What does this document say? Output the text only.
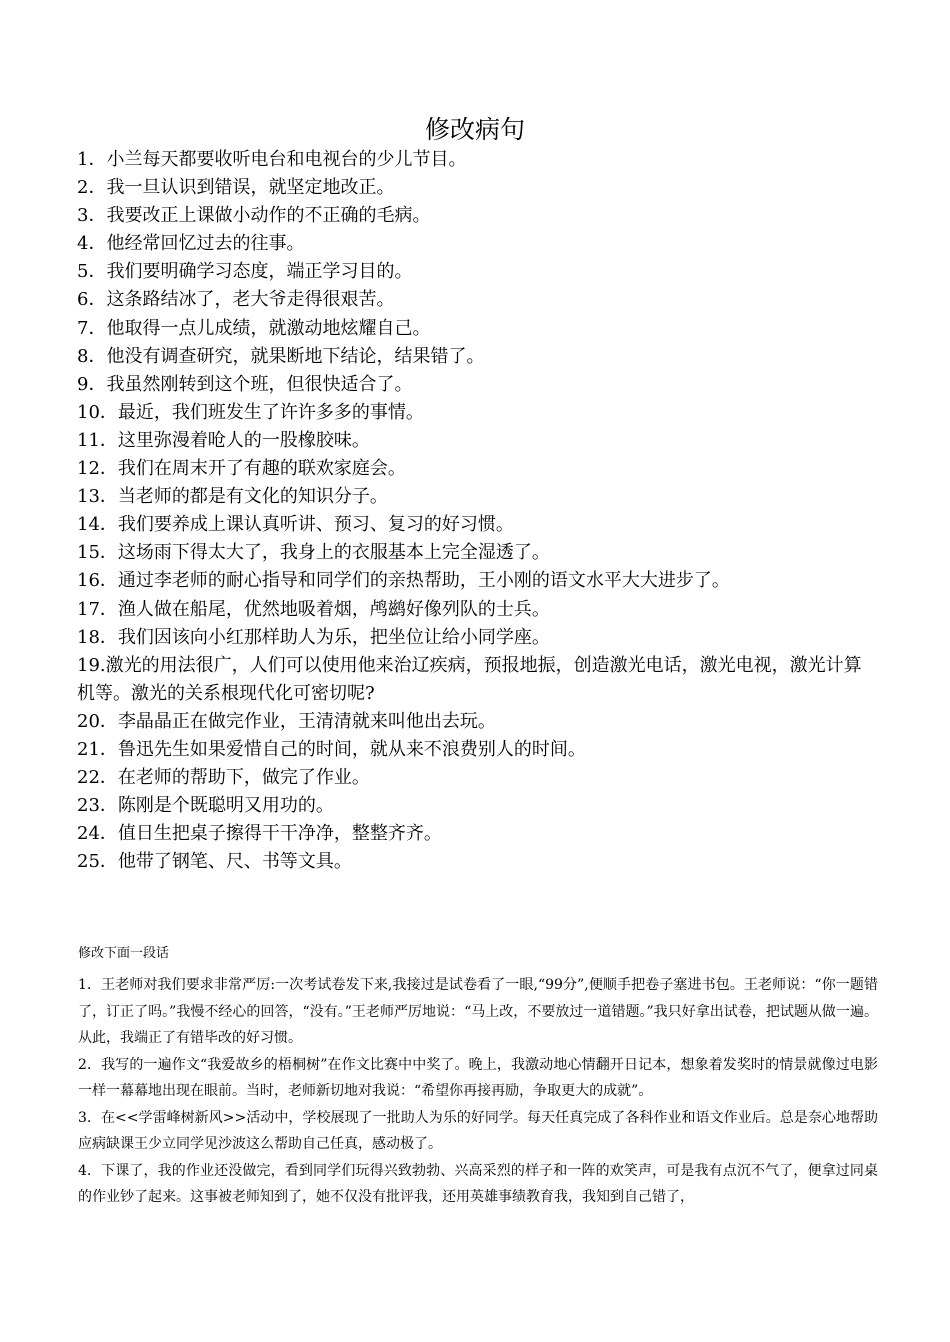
修改病句
1．小兰每天都要收听电台和电视台的少儿节目。
2．我一旦认识到错误，就坚定地改正。
3．我要改正上课做小动作的不正确的毛病。
4．他经常回忆过去的往事。
5．我们要明确学习态度，端正学习目的。
6．这条路结冰了，老大爷走得很艰苦。
7．他取得一点儿成绩，就激动地炫耀自己。
8．他没有调查研究，就果断地下结论，结果错了。
9．我虽然刚转到这个班，但很快适合了。
10．最近，我们班发生了许许多多的事情。
11．这里弥漫着呛人的一股橡胶味。
12．我们在周末开了有趣的联欢家庭会。
13．当老师的都是有文化的知识分子。
14．我们要养成上课认真听讲、预习、复习的好习惯。
15．这场雨下得太大了，我身上的衣服基本上完全湿透了。
16．通过李老师的耐心指导和同学们的亲热帮助，王小刚的语文水平大大进步了。
17．渔人做在船尾，优然地吸着烟，鸬鹚好像列队的士兵。
18．我们因该向小红那样助人为乐，把坐位让给小同学座。
19.激光的用法很广，人们可以使用他来治辽疾病，预报地振，创造激光电话，激光电视，激光计算机等。激光的关系根现代化可密切呢?
20．李晶晶正在做完作业，王清清就来叫他出去玩。
21．鲁迅先生如果爱惜自己的时间，就从来不浪费别人的时间。
22．在老师的帮助下，做完了作业。
23．陈刚是个既聪明又用功的。
24．值日生把桌子擦得干干净净，整整齐齐。
25．他带了钢笔、尺、书等文具。
修改下面一段话
1．王老师对我们要求非常严厉:一次考试卷发下来,我接过是试卷看了一眼,“99分”,便顺手把卷子塞进书包。王老师说：“你一题错了，订正了吗。”我慢不经心的回答，“没有。”王老师严厉地说：“马上改，不要放过一道错题。”我只好拿出试卷，把试题从做一遍。从此，我端正了有错毕改的好习惯。
2．我写的一遍作文“我爱故乡的梧桐树”在作文比赛中中奖了。晚上，我激动地心情翻开日记本，想象着发奖时的情景就像过电影一样一幕幕地出现在眼前。当时，老师新切地对我说：“希望你再接再励，争取更大的成就”。
3．在<<学雷峰树新风>>活动中，学校展现了一批助人为乐的好同学。每天任真完成了各科作业和语文作业后。总是奈心地帮助应病缺课王少立同学见沙波这么帮助自己任真，感动极了。
4．下课了，我的作业还没做完，看到同学们玩得兴致勃勃、兴高采烈的样子和一阵的欢笑声，可是我有点沉不气了，便拿过同桌的作业钞了起来。这事被老师知到了，她不仅没有批评我，还用英雄事绩教育我，我知到自己错了，
